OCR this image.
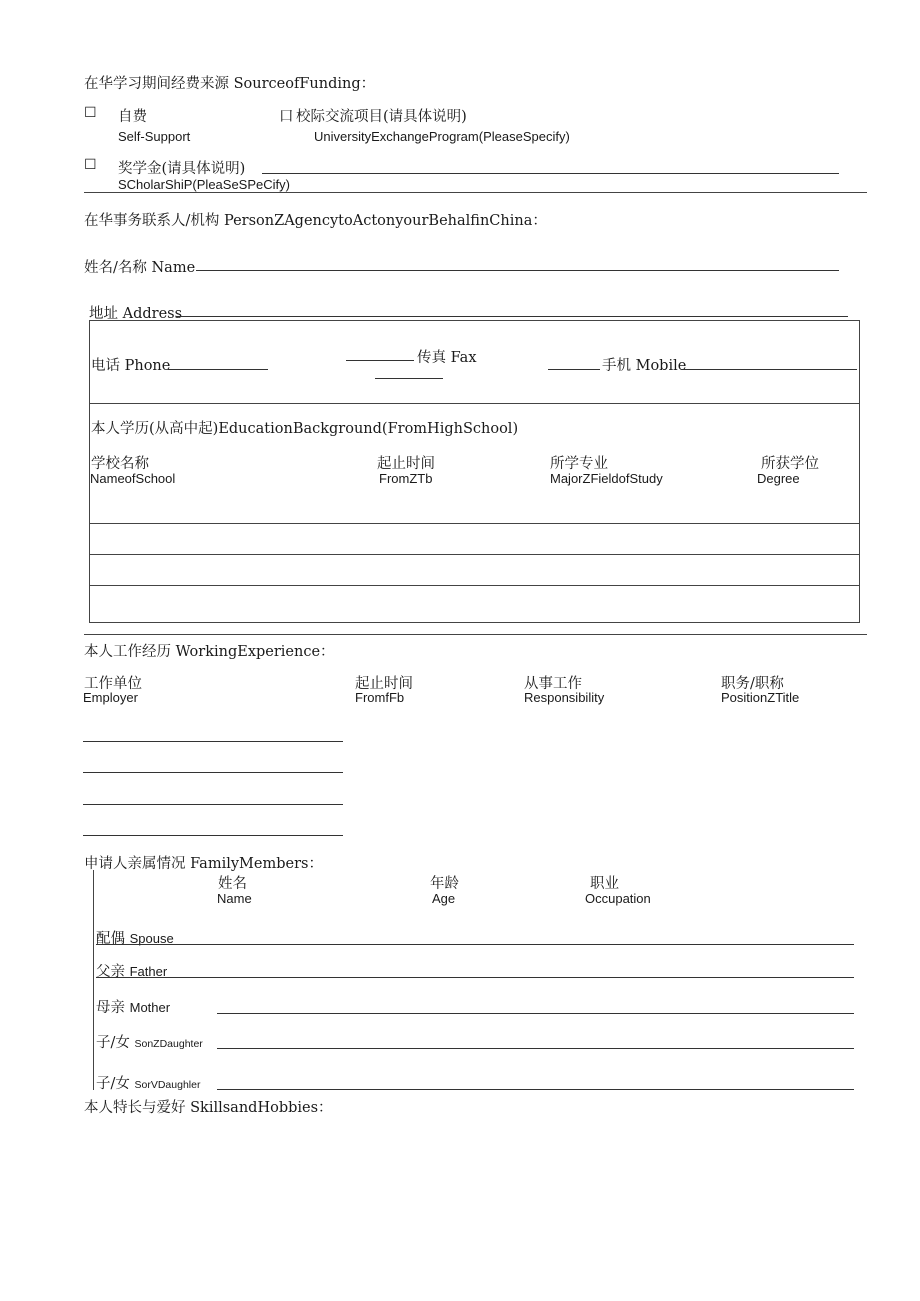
在华学习期间经费来源 SourceofFunding：
☐ 自费
Self-Support
口 校际交流项目(请具体说明)
UniversityExchangeProgram(PleaseSpecify)
☐ 奖学金(请具体说明)
SCholarShiP(PleaSeSPeCify)
在华事务联系人/机构 PersonZAgencytoActonyourBehalfinChina：
姓名/名称 Name
地址 Address
电话 Phone	传真 Fax	手机 Mobile
本人学历(从高中起)EducationBackground(FromHighSchool)
学校名称
NameofSchool
起止时间
FromZTb
所学专业
MajorZFieldofStudy
所获学位
Degree
本人工作经历 WorkingExperience：
工作单位
Employer
起止时间
FromfFb
从事工作
Responsibility
职务/职称
PositionZTitle
申请人亲属情况 FamilyMembers：
姓名
Name
年龄
Age
职业
Occupation
配偶 Spouse
父亲 Father
母亲 Mother
子/女 SonZDaughter
子/女 SorVDaughler
本人特长与爱好 SkillsandHobbies：
